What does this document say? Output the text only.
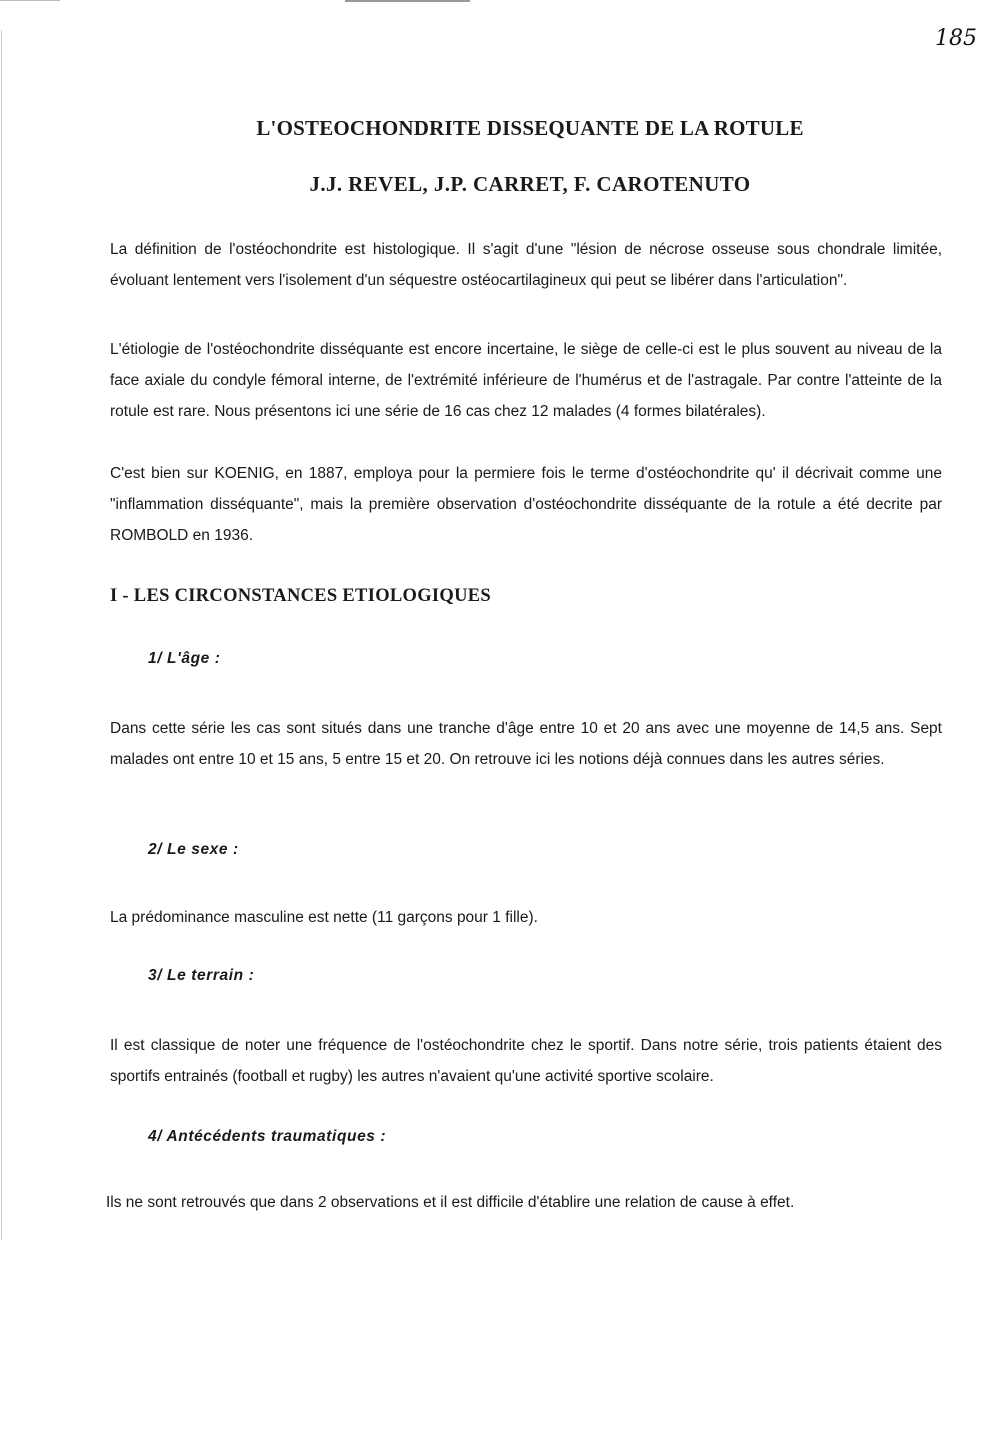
185
L'OSTEOCHONDRITE DISSEQUANTE DE LA ROTULE
J.J. REVEL, J.P. CARRET, F. CAROTENUTO

La définition de l'ostéochondrite est histologique. Il s'agit d'une "lésion de nécrose osseuse sous chondrale limitée, évoluant lentement vers l'isolement d'un séquestre ostéocartilagineux qui peut se libérer dans l'articulation".

L'étiologie de l'ostéochondrite disséquante est encore incertaine, le siège de celle-ci est le plus souvent au niveau de la face axiale du condyle fémoral interne, de l'extrémité inférieure de l'humérus et de l'astragale. Par contre l'atteinte de la rotule est rare. Nous présentons ici une série de 16 cas chez 12 malades (4 formes bilatérales).

C'est bien sur KOENIG, en 1887, employa pour la permiere fois le terme d'ostéochondrite qu' il décrivait comme une "inflammation disséquante", mais la première observation d'ostéochondrite disséquante de la rotule a été decrite par ROMBOLD en 1936.

I - LES CIRCONSTANCES ETIOLOGIQUES
1/ L'âge :

Dans cette série les cas sont situés dans une tranche d'âge entre 10 et 20 ans avec une moyenne de 14,5 ans. Sept malades ont entre 10 et 15 ans, 5 entre 15 et 20. On retrouve ici les notions déjà connues dans les autres séries.

2/ Le sexe :

La prédominance masculine est nette (11 garçons pour 1 fille).

3/ Le terrain :

Il est classique de noter une fréquence de l'ostéochondrite chez le sportif. Dans notre série, trois patients étaient des sportifs entrainés (football et rugby) les autres n'avaient qu'une activité sportive scolaire.

4/ Antécédents traumatiques :

Ils ne sont retrouvés que dans 2 observations et il est difficile d'établire une relation de cause à effet.
